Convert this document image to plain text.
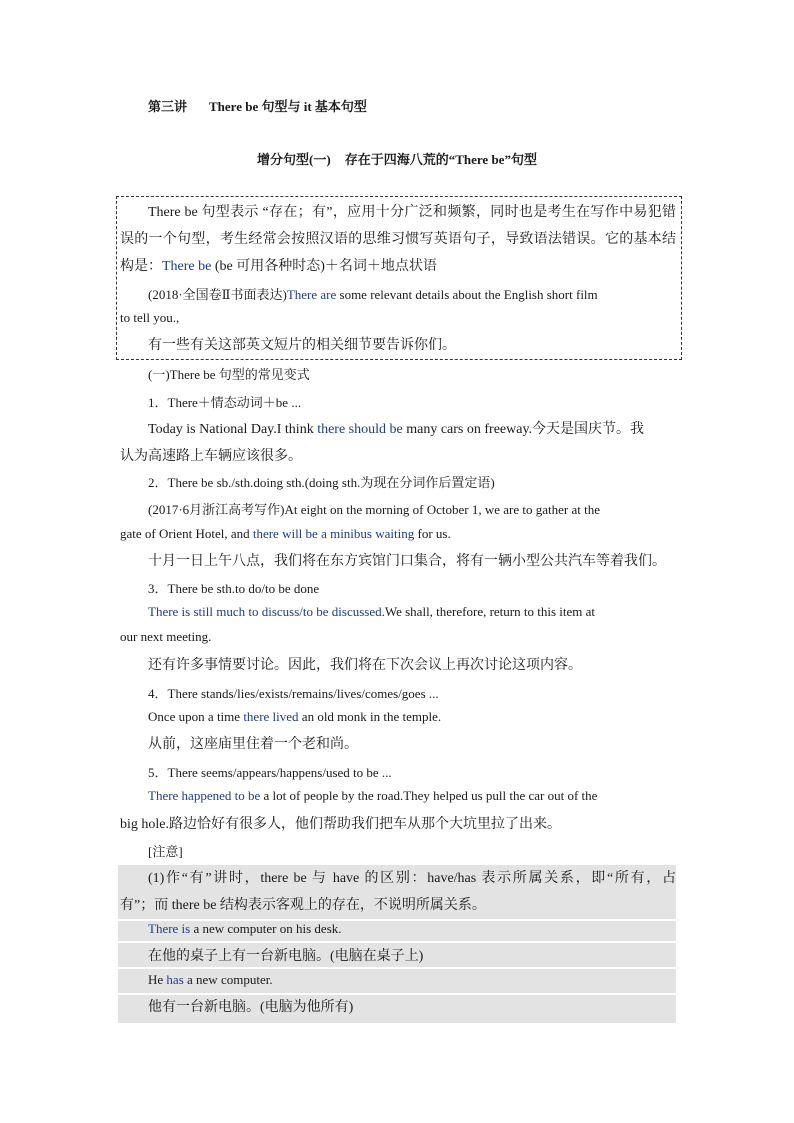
第三讲 There be 句型与 it 基本句型
增分句型(一) 存在于四海八荒的“There be”句型
There be 句型表示 “存在；有”，应用十分广泛和频繁，同时也是考生在写作中易犯错
误的一个句型，考生经常会按照汉语的思维习惯写英语句子，导致语法错误。它的基本结
构是：There be (be 可用各种时态)＋名词＋地点状语
(2018·全国卷Ⅱ书面表达)There are some relevant details about the English short film
to tell you.,
有一些有关这部英文短片的相关细节要告诉你们。
(一)There be 句型的常见变式
1．There＋情态动词＋be ...
Today is National Day.I think there should be many cars on freeway.今天是国庆节。我
认为高速路上车辆应该很多。
2．There be sb./sth.doing sth.(doing sth.为现在分词作后置定语)
(2017·6月浙江高考写作)At eight on the morning of October 1, we are to gather at the
gate of Orient Hotel, and there will be a minibus waiting for us.
十月一日上午八点，我们将在东方宾馆门口集合，将有一辆小型公共汽车等着我们。
3．There be sth.to do/to be done
There is still much to discuss/to be discussed.We shall, therefore, return to this item at
our next meeting.
还有许多事情要讨论。因此，我们将在下次会议上再次讨论这项内容。
4．There stands/lies/exists/remains/lives/comes/goes ...
Once upon a time there lived an old monk in the temple.
从前，这座庙里住着一个老和尚。
5．There seems/appears/happens/used to be ...
There happened to be a lot of people by the road.They helped us pull the car out of the
big hole.路边恰好有很多人，他们帮助我们把车从那个大坑里拉了出来。
[注意]
(1)作“有”讲时，there be 与 have 的区别：have/has 表示所属关系，即“所有，占
有”；而 there be 结构表示客观上的存在，不说明所属关系。
There is a new computer on his desk.
在他的桌子上有一台新电脑。(电脑在桌子上)
He has a new computer.
他有一台新电脑。(电脑为他所有)
